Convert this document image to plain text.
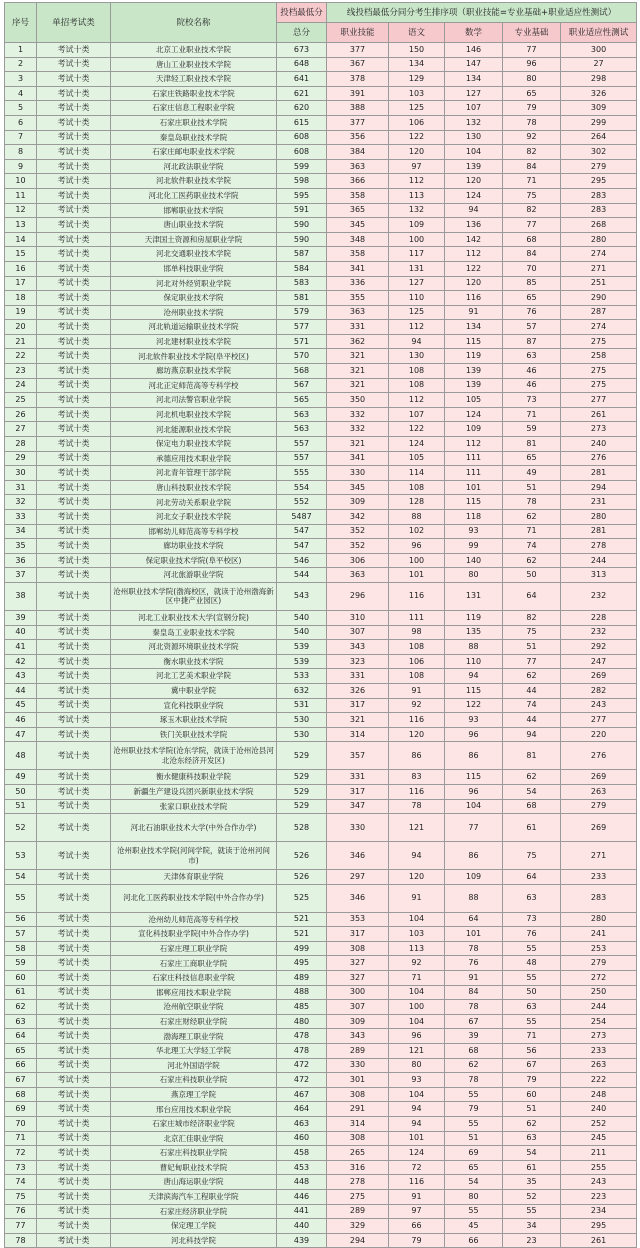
序号	单招考试类	院校名称	投档最低分	线投档最低分同分考生排序项（职业技能=专业基础+职业适应性测试）				
			总分	职业技能	语文	数学	专业基础	职业适应性测试
1	考试十类	北京工业职业技术学院	673	377	150	146	77	300
2	考试十类	唐山工业职业技术学院	648	367	134	147	96	27
3	考试十类	天津轻工职业技术学院	641	378	129	134	80	298
4	考试十类	石家庄铁路职业技术学院	621	391	103	127	65	326
5	考试十类	石家庄信息工程职业学院	620	388	125	107	79	309
6	考试十类	石家庄职业技术学院	615	377	106	132	78	299
7	考试十类	秦皇岛职业技术学院	608	356	122	130	92	264
8	考试十类	石家庄邮电职业技术学院	608	384	120	104	82	302
9	考试十类	河北政法职业学院	599	363	97	139	84	279
10	考试十类	河北软件职业技术学院	598	366	112	120	71	295
11	考试十类	河北化工医药职业技术学院	595	358	113	124	75	283
12	考试十类	邯郸职业技术学院	591	365	132	94	82	283
13	考试十类	唐山职业技术学院	590	345	109	136	77	268
14	考试十类	天津国土资源和房屋职业学院	590	348	100	142	68	280
15	考试十类	河北交通职业技术学院	587	358	117	112	84	274
16	考试十类	邯单科技职业学院	584	341	131	122	70	271
17	考试十类	河北对外经贸职业学院	583	336	127	120	85	251
18	考试十类	保定职业技术学院	581	355	110	116	65	290
19	考试十类	沧州职业技术学院	579	363	125	91	76	287
20	考试十类	河北轨道运输职业技术学院	577	331	112	134	57	274
21	考试十类	河北建材职业技术学院	571	362	94	115	87	275
22	考试十类	河北软件职业技术学院(阜平校区)	570	321	130	119	63	258
23	考试十类	廊坊燕京职业技术学院	568	321	108	139	46	275
24	考试十类	河北正定师范高等专科学校	567	321	108	139	46	275
25	考试十类	河北司法警官职业学院	565	350	112	105	73	277
26	考试十类	河北机电职业技术学院	563	332	107	124	71	261
27	考试十类	河北能源职业技术学院	563	332	122	109	59	273
28	考试十类	保定电力职业技术学院	557	321	124	112	81	240
29	考试十类	承德应用技术职业学院	557	341	105	111	65	276
30	考试十类	河北青年管理干部学院	555	330	114	111	49	281
31	考试十类	唐山科技职业技术学院	554	345	108	101	51	294
32	考试十类	河北劳动关系职业学院	552	309	128	115	78	231
33	考试十类	河北女子职业技术学院	5487	342	88	118	62	280
34	考试十类	邯郸幼儿师范高等专科学校	547	352	102	93	71	281
35	考试十类	廊坊职业技术学院	547	352	96	99	74	278
36	考试十类	保定职业技术学院(阜平校区)	546	306	100	140	62	244
37	考试十类	河北旅游职业学院	544	363	101	80	50	313
38	考试十类	沧州职业技术学院(渤海校区，就读于沧州渤海新区中捷产业园区)	543	296	116	131	64	232
39	考试十类	河北工业职业技术大学(宣钢分院)	540	310	111	119	82	228
40	考试十类	秦皇岛工业职业技术学院	540	307	98	135	75	232
41	考试十类	河北资源环境职业技术学院	539	343	108	88	51	292
42	考试十类	衡水职业技术学院	539	323	106	110	77	247
43	考试十类	河北工艺美术职业学院	533	331	108	94	62	269
44	考试十类	冀中职业学院	632	326	91	115	44	282
45	考试十类	宣化科技职业学院	531	317	92	122	74	243
46	考试十类	琢玉木职业技术学院	530	321	116	93	44	277
47	考试十类	铁门关职业技术学院	530	314	120	96	94	220
48	考试十类	沧州职业技术学院(沧东学院，就读于沧州沧县河北沧东经济开发区)	529	357	86	86	81	276
49	考试十类	衡水健康科技职业学院	529	331	83	115	62	269
50	考试十类	新疆生产建设兵团兴新职业技术学院	529	317	116	96	54	263
51	考试十类	张家口职业技术学院	529	347	78	104	68	279
52	考试十类	河北石油职业技术大学(中外合作办学)	528	330	121	77	61	269
53	考试十类	沧州职业技术学院(河间学院，就读于沧州河间市)	526	346	94	86	75	271
54	考试十类	天津体育职业学院	526	297	120	109	64	233
55	考试十类	河北化工医药职业技术学院(中外合作办学)	525	346	91	88	63	283
56	考试十类	沧州幼儿师范高等专科学校	521	353	104	64	73	280
57	考试十类	宣化科技职业学院(中外合作办学)	521	317	103	101	76	241
58	考试十类	石家庄理工职业学院	499	308	113	78	55	253
59	考试十类	石家庄工商职业学院	495	327	92	76	48	279
60	考试十类	石家庄科技信息职业学院	489	327	71	91	55	272
61	考试十类	邯郸应用技术职业学院	488	300	104	84	50	250
62	考试十类	沧州航空职业学院	485	307	100	78	63	244
63	考试十类	石家庄财经职业学院	480	309	104	67	55	254
64	考试十类	渤海理工职业学院	478	343	96	39	71	273
65	考试十类	华北理工大学轻工学院	478	289	121	68	56	233
66	考试十类	河北外国语学院	472	330	80	62	67	263
67	考试十类	石家庄科技职业学院	472	301	93	78	79	222
68	考试十类	燕京理工学院	467	308	104	55	60	248
69	考试十类	邢台应用技术职业学院	464	291	94	79	51	240
70	考试十类	石家庄城市经济职业学院	463	314	94	55	62	252
71	考试十类	北京汇佳职业学院	460	308	101	51	63	245
72	考试十类	石家庄科技职业学院	458	265	124	69	54	211
73	考试十类	曹妃甸职业技术学院	453	316	72	65	61	255
74	考试十类	唐山海运职业学院	448	278	116	54	35	243
75	考试十类	天津滨海汽车工程职业学院	446	275	91	80	52	223
76	考试十类	石家庄经济职业学院	441	289	97	55	55	234
77	考试十类	保定理工学院	440	329	66	45	34	295
78	考试十类	河北科技学院	439	294	79	66	23	261
